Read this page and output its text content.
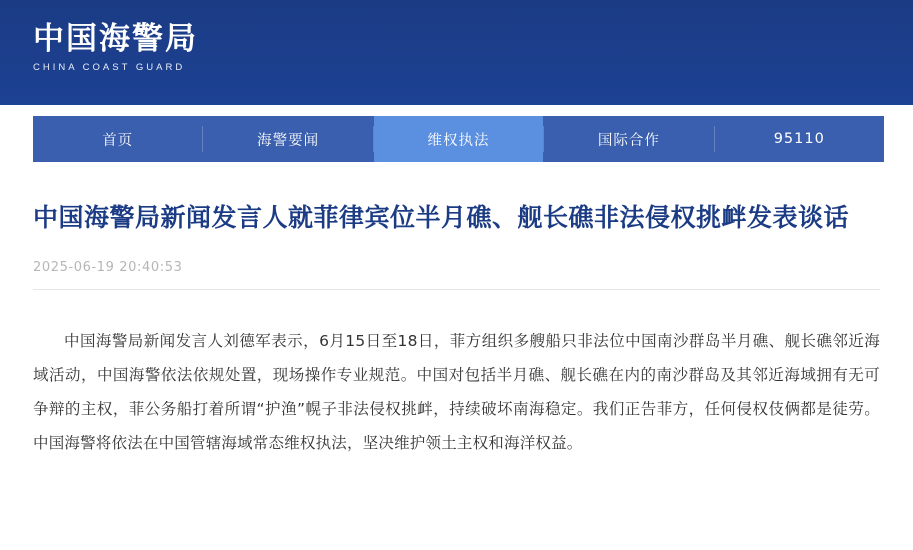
中国海警局
CHINA COAST GUARD
首页	海警要闻	维权执法	国际合作	95110
中国海警局新闻发言人就菲律宾位半月礁、舰长礁非法侵权挑衅发表谈话
2025-06-19 20:40:53

中国海警局新闻发言人刘德军表示，6月15日至18日，菲方组织多艘船只非法位中国南沙群岛半月礁、舰长礁邻近海域活动，中国海警依法依规处置，现场操作专业规范。中国对包括半月礁、舰长礁在内的南沙群岛及其邻近海域拥有无可争辩的主权，菲公务船打着所谓“护渔”幌子非法侵权挑衅，持续破坏南海稳定。我们正告菲方，任何侵权伎俩都是徒劳。中国海警将依法在中国管辖海域常态维权执法，坚决维护领土主权和海洋权益。
